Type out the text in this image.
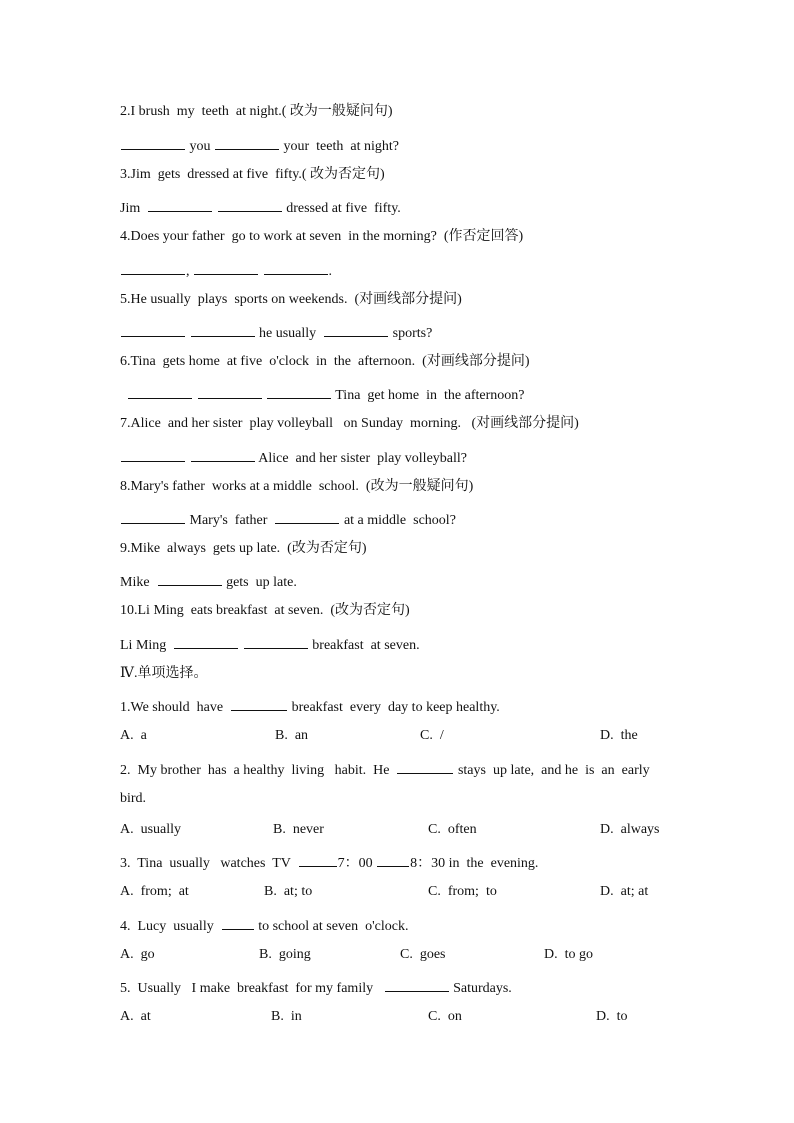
2.I brush  my  teeth  at night.( 改为一般疑问句)
you	your  teeth  at night?
3.Jim  gets  dressed at five  fifty.( 改为否定句)
Jim	dressed at five  fifty.
4.Does your father  go to work at seven  in the morning?  (作否定回答)
,	.
5.He usually  plays  sports on weekends.  (对画线部分提问)
he usually	sports?
6.Tina  gets home  at five  o'clock  in  the  afternoon.  (对画线部分提问)
Tina  get home  in  the afternoon?
7.Alice  and her sister  play volleyball   on Sunday  morning.   (对画线部分提问)
Alice  and her sister  play volleyball?
8.Mary's father  works at a middle  school.  (改为一般疑问句)
Mary's  father	at a middle  school?
9.Mike  always  gets up late.  (改为否定句)
Mike	gets  up late.
10.Li Ming  eats breakfast  at seven.  (改为否定句)
Li Ming	breakfast  at seven.
Ⅳ.单项选择。
1.We should  have	breakfast  every  day to keep healthy.
A.  a	B.  an	C.  /	D.  the
2.  My brother  has  a healthy  living   habit.  He	stays  up late,  and he  is  an  early
bird.
A.  usually	B.  never	C.  often	D.  always
3.  Tina  usually   watches  TV	7：00 8：30 in  the  evening.
A.  from;  at	B.  at; to	C.  from;  to	D.  at; at
4.  Lucy  usually   to school at seven  o'clock.
A.  go	B.  going	C.  goes	D.  to go
5.  Usually   I make  breakfast  for my family	Saturdays.
A.  at	B.  in	C.  on	D.  to
